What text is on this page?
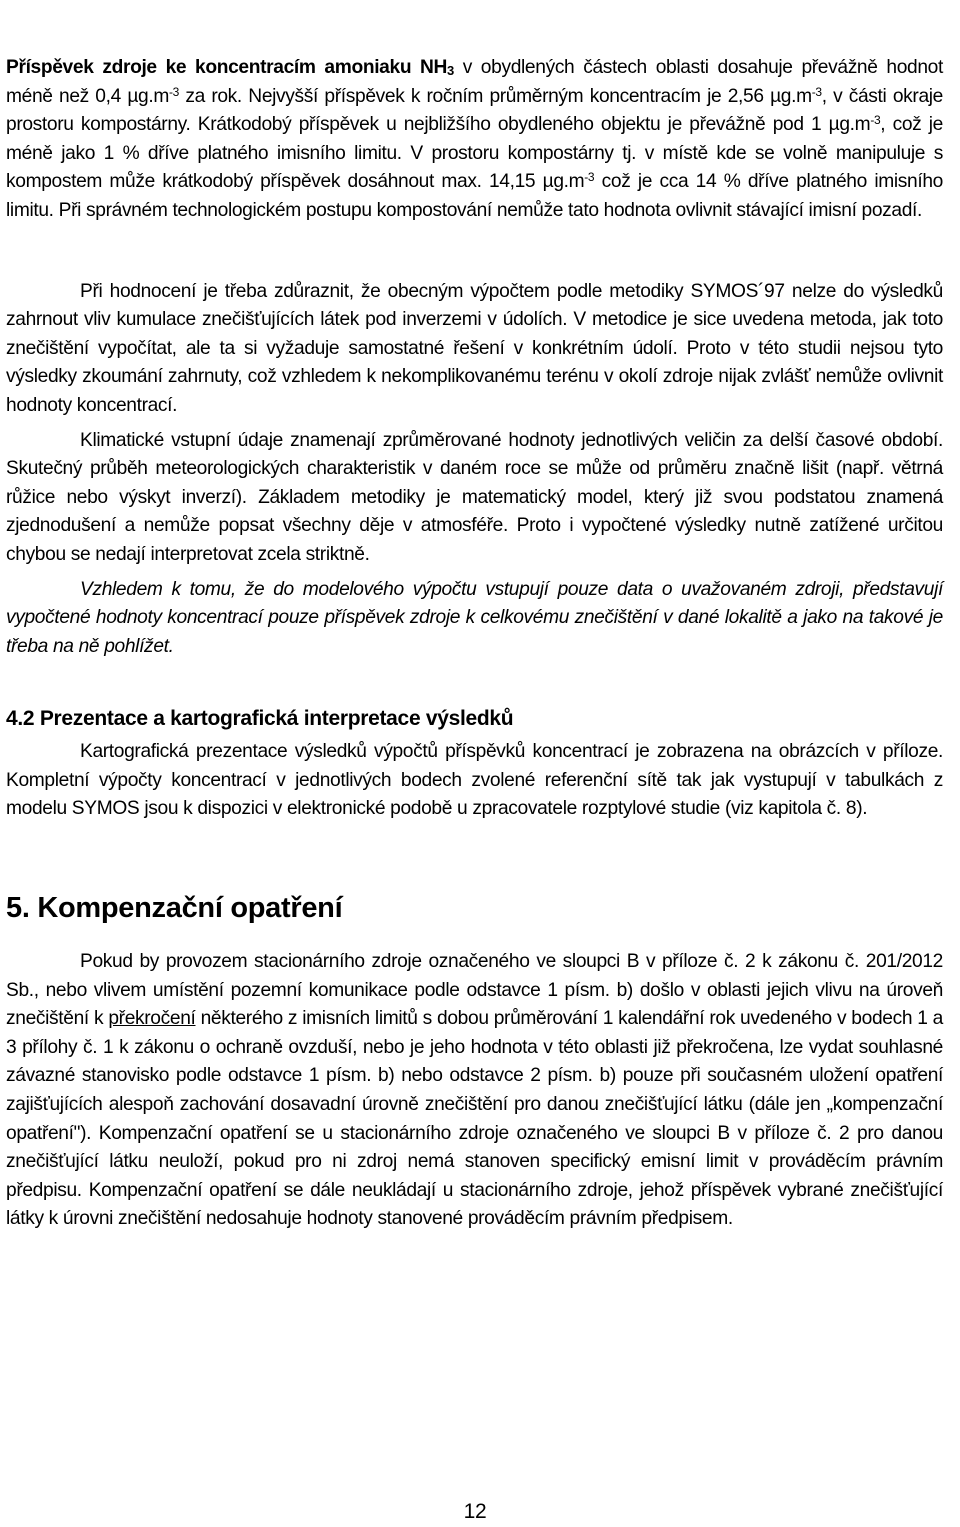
Příspěvek zdroje ke koncentracím amoniaku $NH_3$ v obydlených částech oblasti dosahuje převážně hodnot méně než 0,4 $\mu g.m^{-3}$ za rok. Nejvyšší příspěvek k ročním průměrným koncentracím je 2,56 $\mu g.m^{-3}$, v části okraje prostoru kompostárny. Krátkodobý příspěvek u nejbližšího obydleného objektu je převážně pod 1 $\mu g.m^{-3}$, což je méně jako 1 % dříve platného imisního limitu. V prostoru kompostárny tj. v místě kde se volně manipuluje s kompostem může krátkodobý příspěvek dosáhnout max. 14,15 $\mu g.m^{-3}$ což je cca 14 % dříve platného imisního limitu. Při správném technologickém postupu kompostování nemůže tato hodnota ovlivnit stávající imisní pozadí.

Při hodnocení je třeba zdůraznit, že obecným výpočtem podle metodiky SYMOS´97 nelze do výsledků zahrnout vliv kumulace znečišťujících látek pod inverzemi v údolích. V metodice je sice uvedena metoda, jak toto znečištění vypočítat, ale ta si vyžaduje samostatné řešení v konkrétním údolí. Proto v této studii nejsou tyto výsledky zkoumání zahrnuty, což vzhledem k nekomplikovanému terénu v okolí zdroje nijak zvlášť nemůže ovlivnit hodnoty koncentrací.

Klimatické vstupní údaje znamenají zprůměrované hodnoty jednotlivých veličin za delší časové období. Skutečný průběh meteorologických charakteristik v daném roce se může od průměru značně lišit (např. větrná růžice nebo výskyt inverzí). Základem metodiky je matematický model, který již svou podstatou znamená zjednodušení a nemůže popsat všechny děje v atmosféře. Proto i vypočtené výsledky nutně zatížené určitou chybou se nedají interpretovat zcela striktně.

Vzhledem k tomu, že do modelového výpočtu vstupují pouze data o uvažovaném zdroji, představují vypočtené hodnoty koncentrací pouze příspěvek zdroje k celkovému znečištění v dané lokalitě a jako na takové je třeba na ně pohlížet.

4.2 Prezentace a kartografická interpretace výsledků

Kartografická prezentace výsledků výpočtů příspěvků koncentrací je zobrazena na obrázcích v příloze. Kompletní výpočty koncentrací v jednotlivých bodech zvolené referenční sítě tak jak vystupují v tabulkách z modelu SYMOS jsou k dispozici v elektronické podobě u zpracovatele rozptylové studie (viz kapitola č. 8).

5. Kompenzační opatření

Pokud by provozem stacionárního zdroje označeného ve sloupci B v příloze č. 2 k zákonu č. 201/2012 Sb., nebo vlivem umístění pozemní komunikace podle odstavce 1 písm. b) došlo v oblasti jejich vlivu na úroveň znečištění k překročení některého z imisních limitů s dobou průměrování 1 kalendářní rok uvedeného v bodech 1 a 3 přílohy č. 1 k zákonu o ochraně ovzduší, nebo je jeho hodnota v této oblasti již překročena, lze vydat souhlasné závazné stanovisko podle odstavce 1 písm. b) nebo odstavce 2 písm. b) pouze při současném uložení opatření zajišťujících alespoň zachování dosavadní úrovně znečištění pro danou znečišťující látku (dále jen „kompenzační opatření"). Kompenzační opatření se u stacionárního zdroje označeného ve sloupci B v příloze č. 2 pro danou znečišťující látku neuloží, pokud pro ni zdroj nemá stanoven specifický emisní limit v prováděcím právním předpisu. Kompenzační opatření se dále neukládají u stacionárního zdroje, jehož příspěvek vybrané znečišťující látky k úrovni znečištění nedosahuje hodnoty stanovené prováděcím právním předpisem.

12
